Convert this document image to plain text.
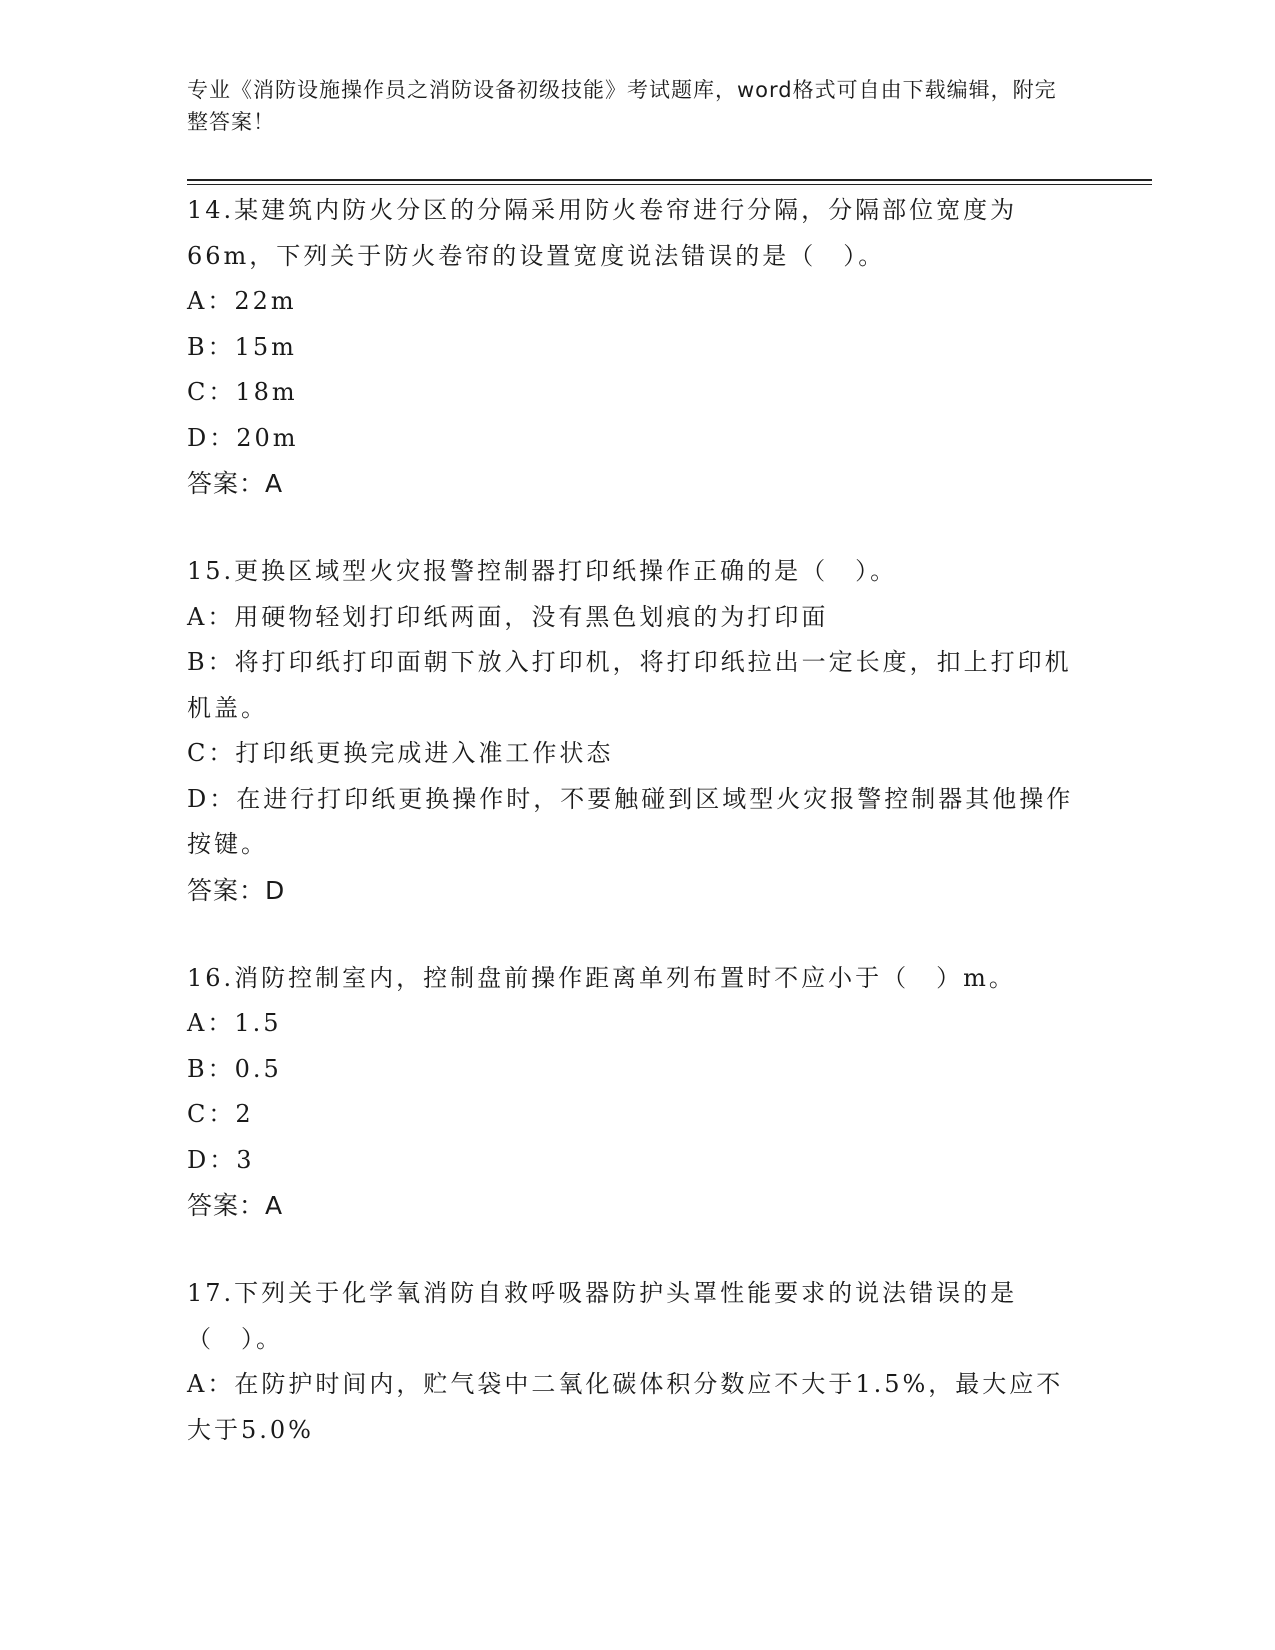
专业《消防设施操作员之消防设备初级技能》考试题库，word格式可自由下载编辑，附完整答案！
14.某建筑内防火分区的分隔采用防火卷帘进行分隔，分隔部位宽度为66m，下列关于防火卷帘的设置宽度说法错误的是（　）。
A：22m
B：15m
C：18m
D：20m
答案：A
15.更换区域型火灾报警控制器打印纸操作正确的是（　）。
A：用硬物轻划打印纸两面，没有黑色划痕的为打印面
B：将打印纸打印面朝下放入打印机，将打印纸拉出一定长度，扣上打印机机盖。
C：打印纸更换完成进入准工作状态
D：在进行打印纸更换操作时，不要触碰到区域型火灾报警控制器其他操作按键。
答案：D
16.消防控制室内，控制盘前操作距离单列布置时不应小于（　）m。
A：1.5
B：0.5
C：2
D：3
答案：A
17.下列关于化学氧消防自救呼吸器防护头罩性能要求的说法错误的是（　）。
A：在防护时间内，贮气袋中二氧化碳体积分数应不大于1.5%，最大应不大于5.0%
